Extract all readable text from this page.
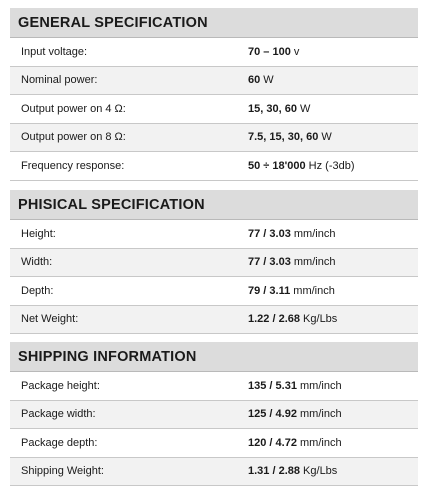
GENERAL SPECIFICATION
Input voltage:	70 – 100 v
Nominal power:	60 W
Output power on 4 Ω:	15, 30, 60 W
Output power on 8 Ω:	7.5, 15, 30, 60 W
Frequency response:	50 ÷ 18'000 Hz (-3db)
PHISICAL SPECIFICATION
Height:	77 / 3.03 mm/inch
Width:	77 / 3.03 mm/inch
Depth:	79 / 3.11 mm/inch
Net Weight:	1.22 / 2.68 Kg/Lbs
SHIPPING INFORMATION
Package height:	135 / 5.31 mm/inch
Package width:	125 / 4.92 mm/inch
Package depth:	120 / 4.72 mm/inch
Shipping Weight:	1.31 / 2.88 Kg/Lbs
